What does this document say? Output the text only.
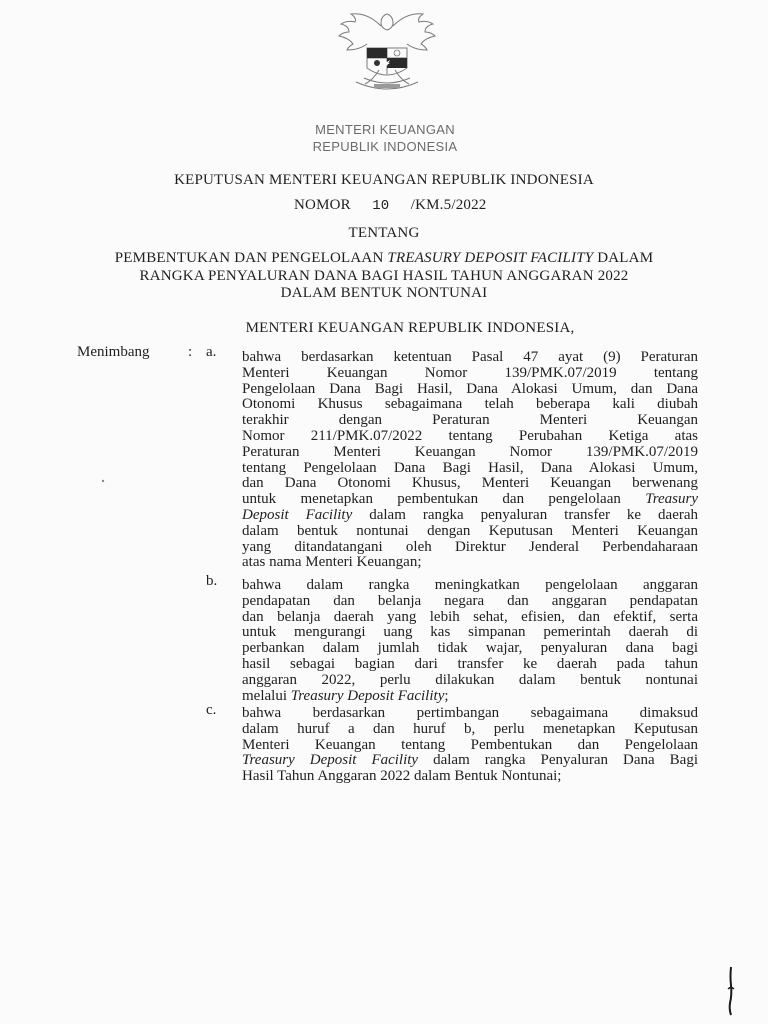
MENTERI KEUANGAN
REPUBLIK INDONESIA
KEPUTUSAN MENTERI KEUANGAN REPUBLIK INDONESIA
NOMOR 10 /KM.5/2022
TENTANG
PEMBENTUKAN DAN PENGELOLAAN TREASURY DEPOSIT FACILITY DALAM
RANGKA PENYALURAN DANA BAGI HASIL TAHUN ANGGARAN 2022
DALAM BENTUK NONTUNAI
MENTERI KEUANGAN REPUBLIK INDONESIA,
Menimbang	: a. bahwa berdasarkan ketentuan Pasal 47 ayat (9) Peraturan
Menteri Keuangan Nomor 139/PMK.07/2019 tentang
Pengelolaan Dana Bagi Hasil, Dana Alokasi Umum, dan Dana
Otonomi Khusus sebagaimana telah beberapa kali diubah
terakhir dengan Peraturan Menteri Keuangan
Nomor 211/PMK.07/2022 tentang Perubahan Ketiga atas
Peraturan Menteri Keuangan Nomor 139/PMK.07/2019
tentang Pengelolaan Dana Bagi Hasil, Dana Alokasi Umum,
dan Dana Otonomi Khusus, Menteri Keuangan berwenang
untuk menetapkan pembentukan dan pengelolaan Treasury
Deposit Facility dalam rangka penyaluran transfer ke daerah
dalam bentuk nontunai dengan Keputusan Menteri Keuangan
yang ditandatangani oleh Direktur Jenderal Perbendaharaan
atas nama Menteri Keuangan;
b. bahwa dalam rangka meningkatkan pengelolaan anggaran
pendapatan dan belanja negara dan anggaran pendapatan
dan belanja daerah yang lebih sehat, efisien, dan efektif, serta
untuk mengurangi uang kas simpanan pemerintah daerah di
perbankan dalam jumlah tidak wajar, penyaluran dana bagi
hasil sebagai bagian dari transfer ke daerah pada tahun
anggaran 2022, perlu dilakukan dalam bentuk nontunai
melalui Treasury Deposit Facility;
c. bahwa berdasarkan pertimbangan sebagaimana dimaksud
dalam huruf a dan huruf b, perlu menetapkan Keputusan
Menteri Keuangan tentang Pembentukan dan Pengelolaan
Treasury Deposit Facility dalam rangka Penyaluran Dana Bagi
Hasil Tahun Anggaran 2022 dalam Bentuk Nontunai;
